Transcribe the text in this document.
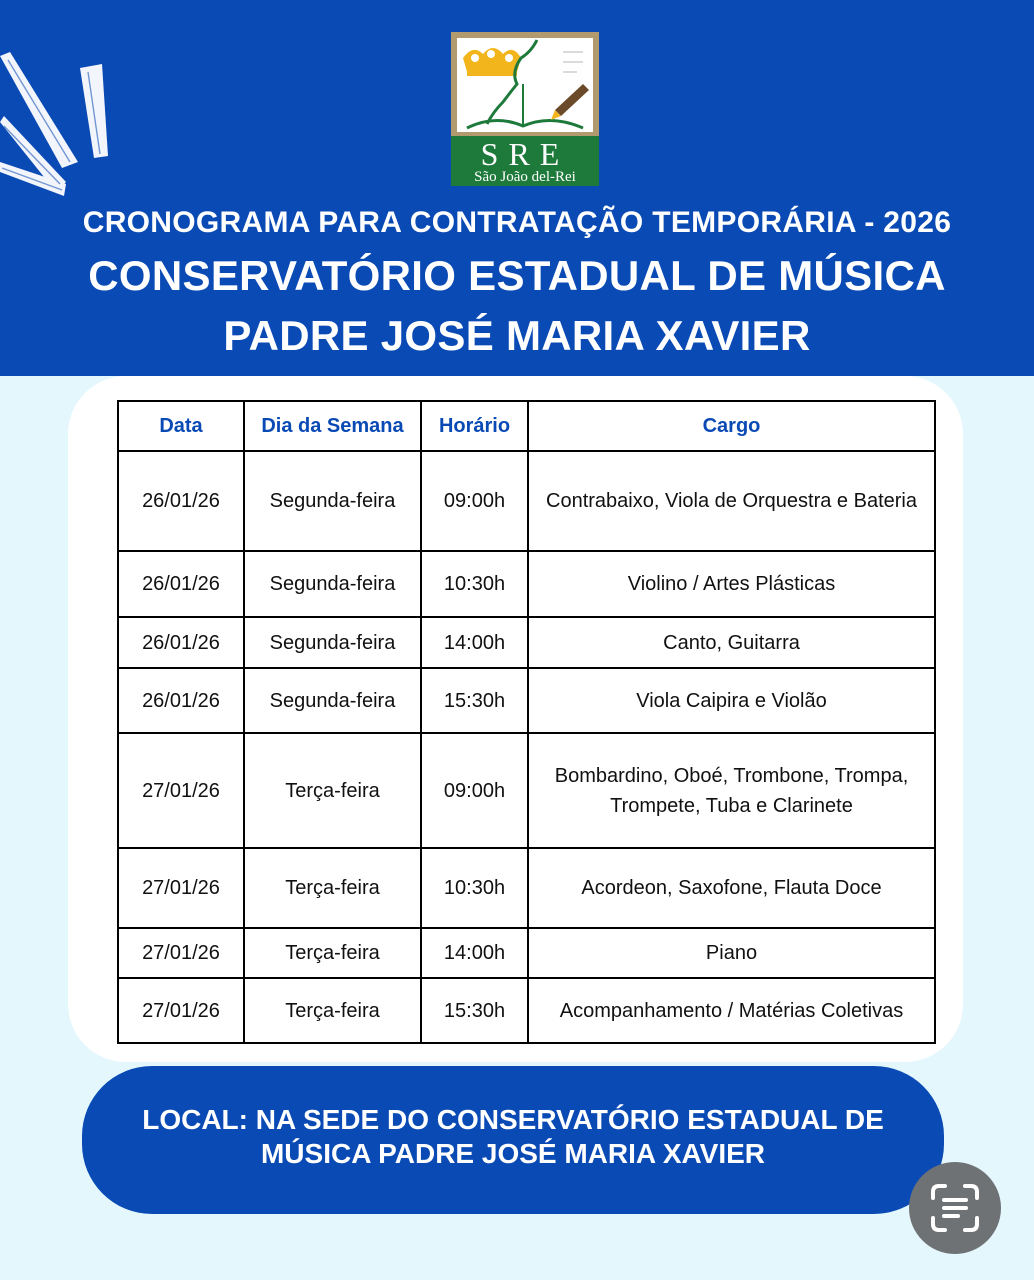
SRE
São João del-Rei
CRONOGRAMA PARA CONTRATAÇÃO TEMPORÁRIA - 2026
CONSERVATÓRIO ESTADUAL DE MÚSICA
PADRE JOSÉ MARIA XAVIER
Data	Dia da Semana	Horário	Cargo
26/01/26	Segunda-feira	09:00h	Contrabaixo, Viola de Orquestra e Bateria
26/01/26	Segunda-feira	10:30h	Violino / Artes Plásticas
26/01/26	Segunda-feira	14:00h	Canto, Guitarra
26/01/26	Segunda-feira	15:30h	Viola Caipira e Violão
27/01/26	Terça-feira	09:00h	Bombardino, Oboé, Trombone, Trompa, Trompete, Tuba e Clarinete
27/01/26	Terça-feira	10:30h	Acordeon, Saxofone, Flauta Doce
27/01/26	Terça-feira	14:00h	Piano
27/01/26	Terça-feira	15:30h	Acompanhamento / Matérias Coletivas
LOCAL: NA SEDE DO CONSERVATÓRIO ESTADUAL DE
MÚSICA PADRE JOSÉ MARIA XAVIER
